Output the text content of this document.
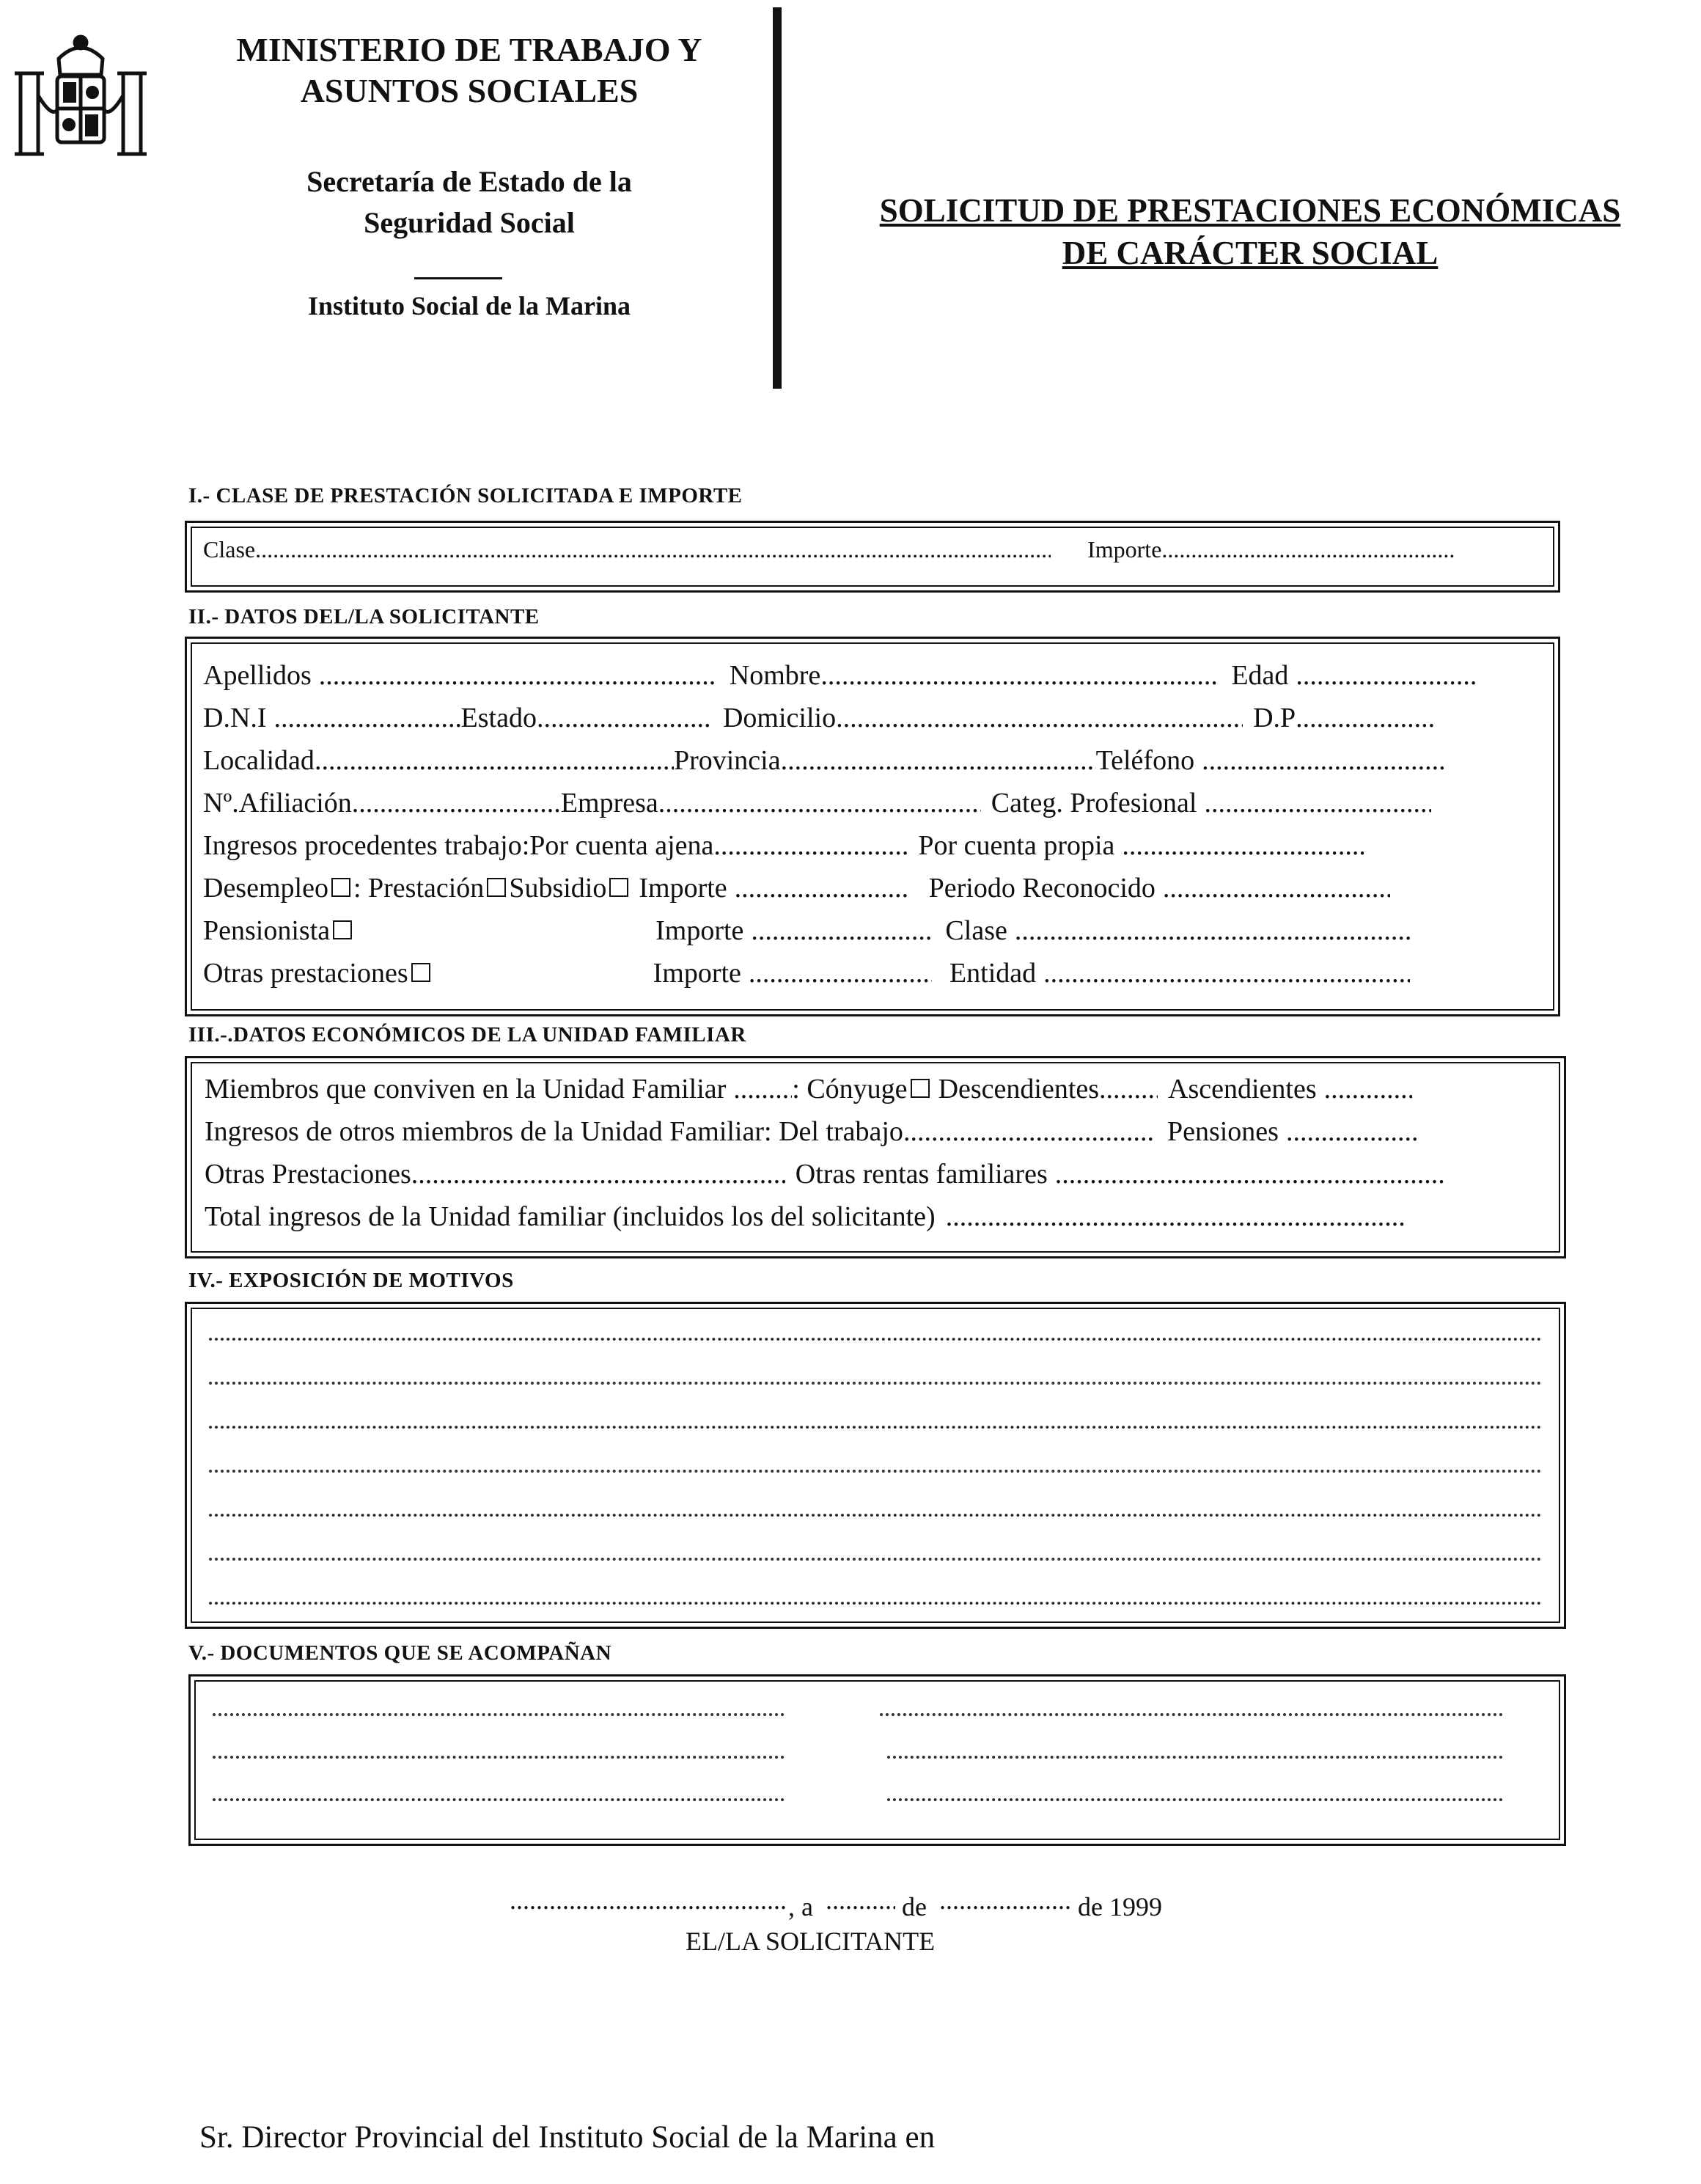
MINISTERIO DE TRABAJO Y
ASUNTOS SOCIALES
Secretaría de Estado de la
Seguridad Social
Instituto Social de la Marina
SOLICITUD DE PRESTACIONES ECONÓMICAS
DE CARÁCTER SOCIAL
I.- CLASE DE PRESTACIÓN SOLICITADA E IMPORTE
Clase .....	Importe
.....
II.- DATOS DEL/LA SOLICITANTE
Apellidos .....	Nombre .....	Edad
.....
D.N.I .....	Estado .....	Domicilio .....	D.P
.....
Localidad .....	Provincia .....	Teléfono
.....
Nº.Afiliación .....	Empresa .....	Categ. Profesional
.....
Ingresos procedentes trabajo:Por cuenta ajena .....	Por cuenta propia
.....
Desempleo : Prestación Subsidio Importe .....	Periodo Reconocido
.....
Pensionista	Importe .....	Clase
.....
Otras prestaciones	Importe .....	Entidad
.....
III.-.DATOS ECONÓMICOS DE LA UNIDAD FAMILIAR
Miembros que conviven en la Unidad Familiar ..... : Cónyuge Descendientes ..... Ascendientes
.....
Ingresos de otros miembros de la Unidad Familiar: Del trabajo .....	Pensiones
.....
Otras Prestaciones .....	Otras rentas familiares
.....
Total ingresos de la Unidad familiar (incluidos los del solicitante)
.....
IV.- EXPOSICIÓN DE MOTIVOS
V.- DOCUMENTOS QUE SE ACOMPAÑAN
....., a .....	de .....	de 1999
EL/LA SOLICITANTE
Sr. Director Provincial del Instituto Social de la Marina en
